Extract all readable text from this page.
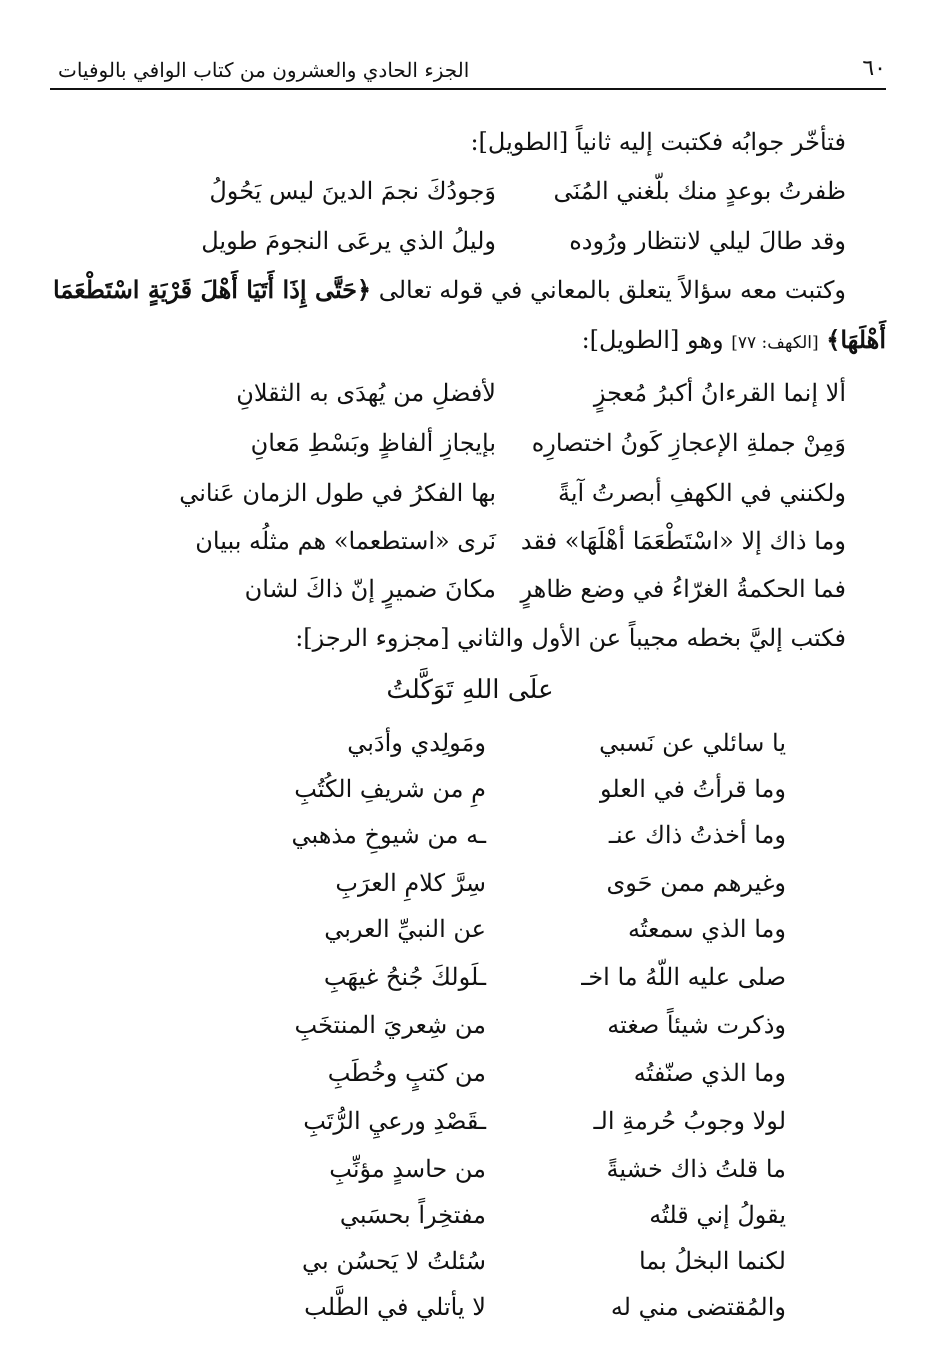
٦٠
الجزء الحادي والعشرون من كتاب الوافي بالوفيات
فتأخّر جوابُه فكتبت إليه ثانياً [الطويل]:
ظفرتُ بوعدٍ منك بلّغني المُنَى
وَجودُكَ نجمَ الدينَ ليس يَحُولُ
وقد طالَ ليلي لانتظار ورُوده
وليلُ الذي يرعَى النجومَ طويل
وكتبت معه سؤالاً يتعلق بالمعاني في قوله تعالى ﴿حَتَّى إِذَا أَتَيَا أَهْلَ قَرْيَةٍ اسْتَطْعَمَا
أَهْلَهَا﴾ [الكهف: ٧٧] وهو [الطويل]:
ألا إنما القرءانُ أكبرُ مُعجزٍ
لأفضلِ من يُهدَى به الثقلانِ
وَمِنْ جملةِ الإعجازِ كَونُ اختصارِه
بإيجازِ ألفاظٍ وبَسْطِ مَعانِ
ولكنني في الكهفِ أبصرتُ آيةً
بها الفكرُ في طول الزمان عَناني
وما ذاك إلا «اسْتَطْعَمَا أهْلَهَا» فقد
نَرى «استطعما» هم مثلُه ببيان
فما الحكمةُ الغرّاءُ في وضع ظاهرٍ
مكانَ ضميرٍ إنّ ذاكَ لشان
فكتب إليَّ بخطه مجيباً عن الأول والثاني [مجزوء الرجز]:
علَى اللهِ تَوَكَّلتُ
يا سائلي عن نَسبي
ومَولِدي وأدَبي
وما قرأتُ في العلو
مِ من شريفِ الكُتُبِ
وما أخذتُ ذاك عنـ
ـه من شيوخِ مذهبي
وغيرهم ممن حَوى
سِرَّ كلامِ العرَبِ
وما الذي سمعتُه
عن النبيِّ العربي
صلى عليه اللّهُ ما اخـ
ـلَولكَ جُنحُ غيهَبِ
وذكرت شيئاً صغته
من شِعريَ المنتخَبِ
وما الذي صنّفتُه
من كتبٍ وخُطَبِ
لولا وجوبُ حُرمةِ الـ
ـقَصْدِ ورعيِ الرُّتَبِ
ما قلتُ ذاك خشيةً
من حاسدٍ مؤنِّبِ
يقولُ إني قلتُه
مفتخِراً بحسَبي
لكنما البخلُ بما
سُئلتُ لا يَحسُن بي
والمُقتضى مني له
لا يأتلي في الطَّلب
